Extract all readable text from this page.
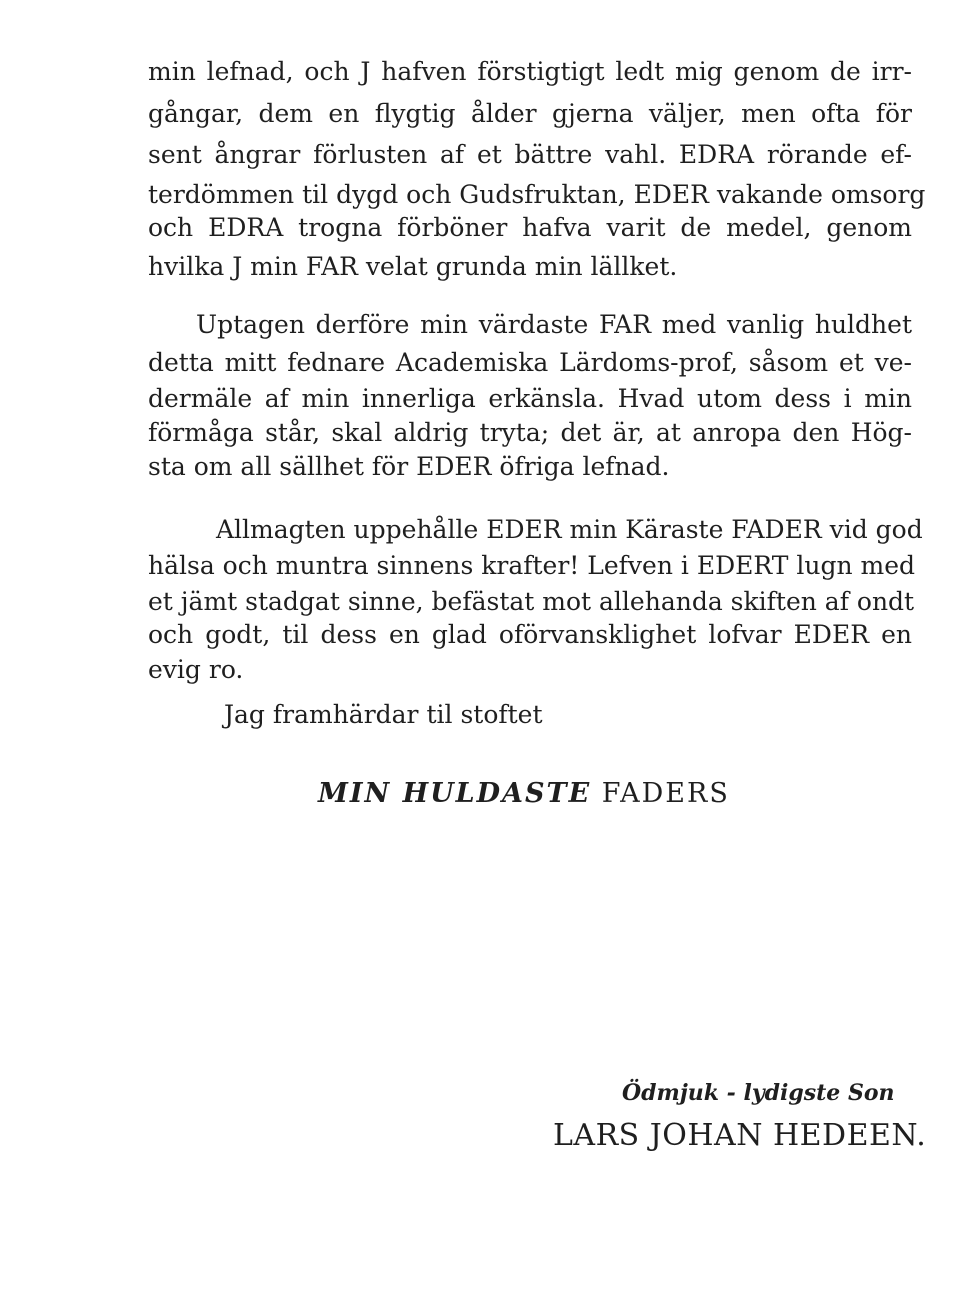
min lefnad, och J hafven förstigtigt ledt mig genom de irr-
gångar, dem en flygtig ålder gjerna väljer, men ofta för
sent ångrar förlusten af et bättre vahl. EDRA rörande ef-
terdömmen til dygd och Gudsfruktan, EDER vakande omsorg
och EDRA trogna förböner hafva varit de medel, genom
hvilka J min FAR velat grunda min lällket.
Uptagen derföre min värdaste FAR med vanlig huldhet
detta mitt fednare Academiska Lärdoms-prof, såsom et ve-
dermäle af min innerliga erkänsla. Hvad utom dess i min
förmåga står, skal aldrig tryta; det är, at anropa den Hög-
sta om all sällhet för EDER öfriga lefnad.
Allmagten uppehålle EDER min Käraste FADER vid god
hälsa och muntra sinnens krafter! Lefven i EDERT lugn med
et jämt stadgat sinne, befästat mot allehanda skiften af ondt
och godt, til dess en glad oförvansklighet lofvar EDER en
evig ro.
Jag framhärdar til stoftet
MIN HULDASTE FADERS
Ödmjuk - lydigste Son
LARS JOHAN HEDEEN.
